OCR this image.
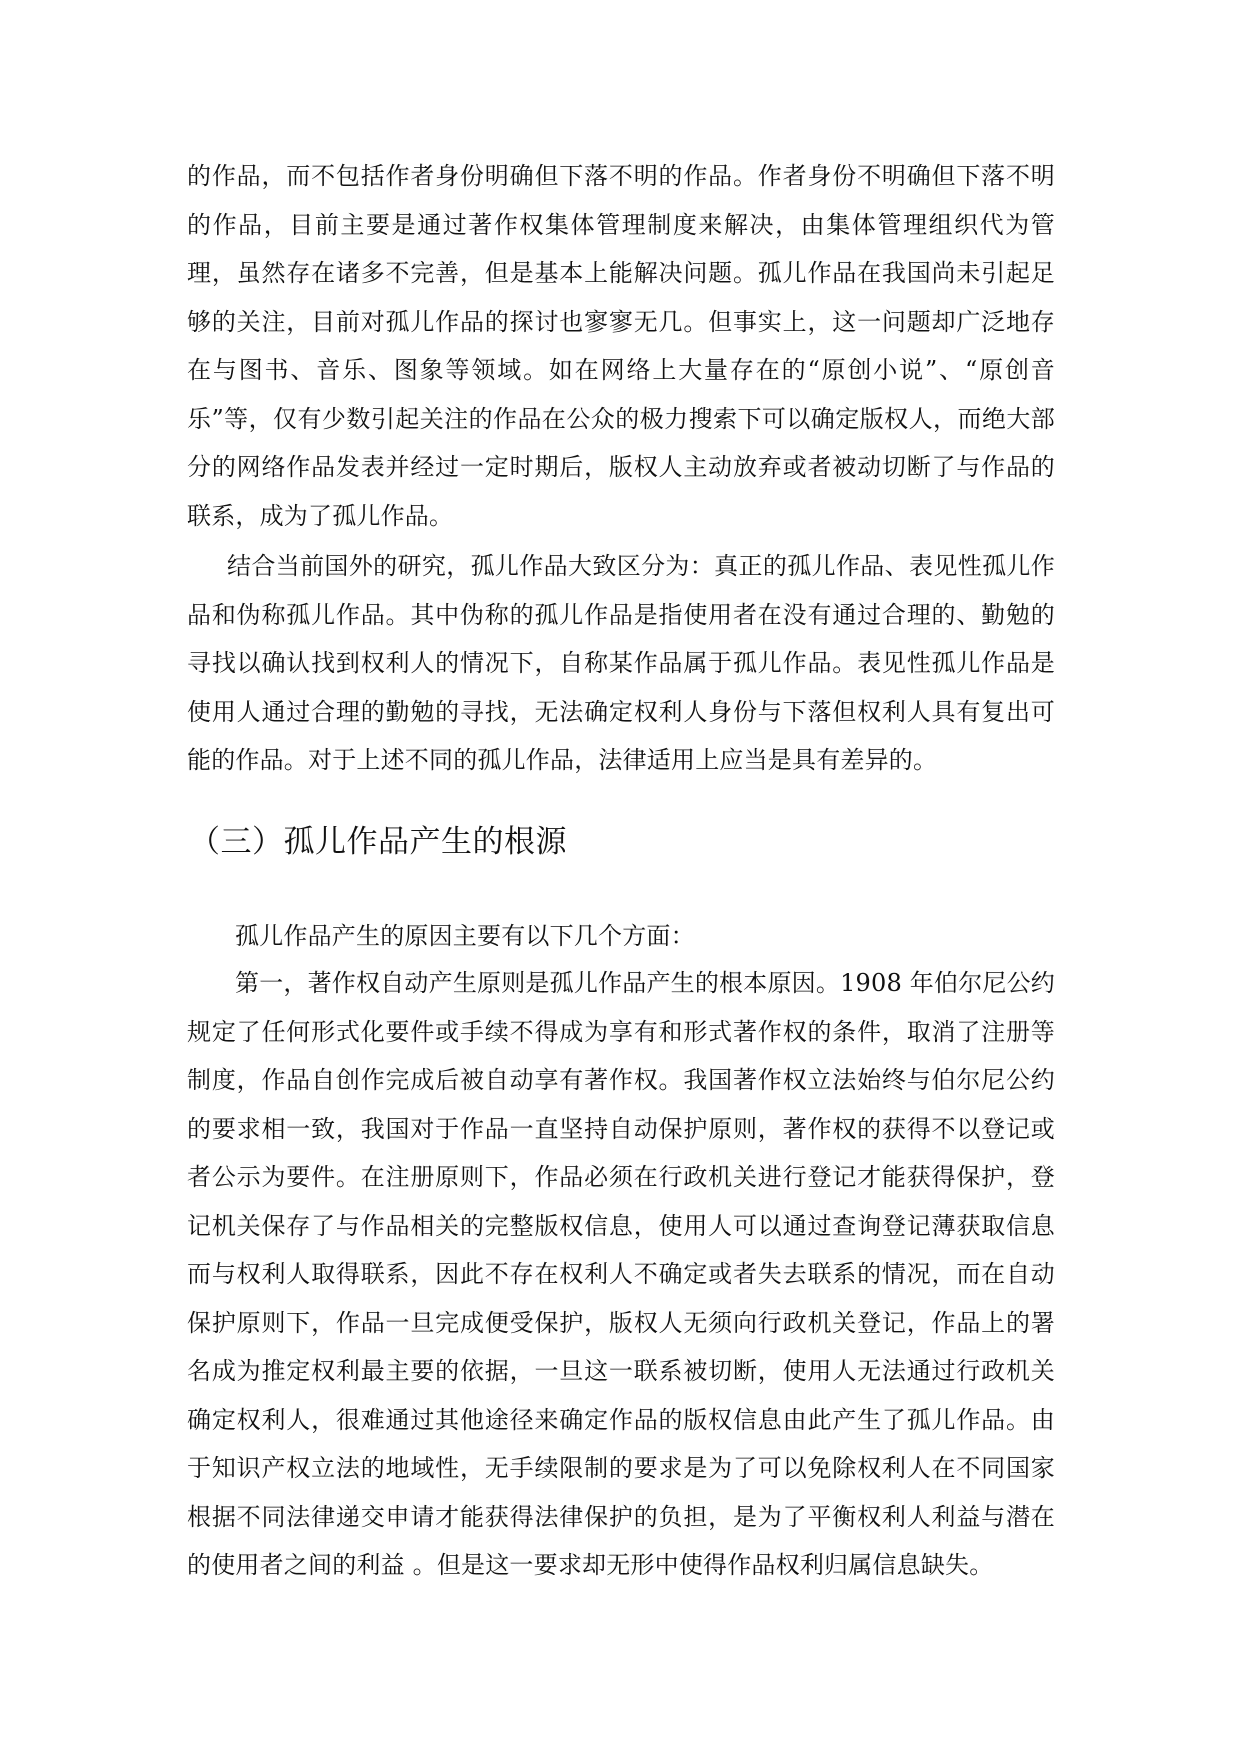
的作品，而不包括作者身份明确但下落不明的作品。作者身份不明确但下落不明的作品，目前主要是通过著作权集体管理制度来解决，由集体管理组织代为管理，虽然存在诸多不完善，但是基本上能解决问题。孤儿作品在我国尚未引起足够的关注，目前对孤儿作品的探讨也寥寥无几。但事实上，这一问题却广泛地存在与图书、音乐、图象等领域。如在网络上大量存在的“原创小说”、“原创音乐”等，仅有少数引起关注的作品在公众的极力搜索下可以确定版权人，而绝大部分的网络作品发表并经过一定时期后，版权人主动放弃或者被动切断了与作品的联系，成为了孤儿作品。

结合当前国外的研究，孤儿作品大致区分为：真正的孤儿作品、表见性孤儿作品和伪称孤儿作品。其中伪称的孤儿作品是指使用者在没有通过合理的、勤勉的 寻找以确认找到权利人的情况下，自称某作品属于孤儿作品。表见性孤儿作品是使用人通过合理的勤勉的寻找，无法确定权利人身份与下落但权利人具有复出可能的作品。对于上述不同的孤儿作品，法律适用上应当是具有差异的。

（三）孤儿作品产生的根源

孤儿作品产生的原因主要有以下几个方面：

第一，著作权自动产生原则是孤儿作品产生的根本原因。1908 年伯尔尼公约规定了任何形式化要件或手续不得成为享有和形式著作权的条件，取消了注册等制度，作品自创作完成后被自动享有著作权。我国著作权立法始终与伯尔尼公约的要求相一致，我国对于作品一直坚持自动保护原则，著作权的获得不以登记或者公示为要件。在注册原则下，作品必须在行政机关进行登记才能获得保护，登记机关保存了与作品相关的完整版权信息，使用人可以通过查询登记薄获取信息而与权利人取得联系，因此不存在权利人不确定或者失去联系的情况，而在自动保护原则下，作品一旦完成便受保护，版权人无须向行政机关登记，作品上的署名成为推定权利最主要的依据，一旦这一联系被切断，使用人无法通过行政机关确定权利人，很难通过其他途径来确定作品的版权信息由此产生了孤儿作品。由于知识产权立法的地域性，无手续限制的要求是为了可以免除权利人在不同国家根据不同法律递交申请才能获得法律保护的负担，是为了平衡权利人利益与潜在的使用者之间的利益 。但是这一要求却无形中使得作品权利归属信息缺失。
